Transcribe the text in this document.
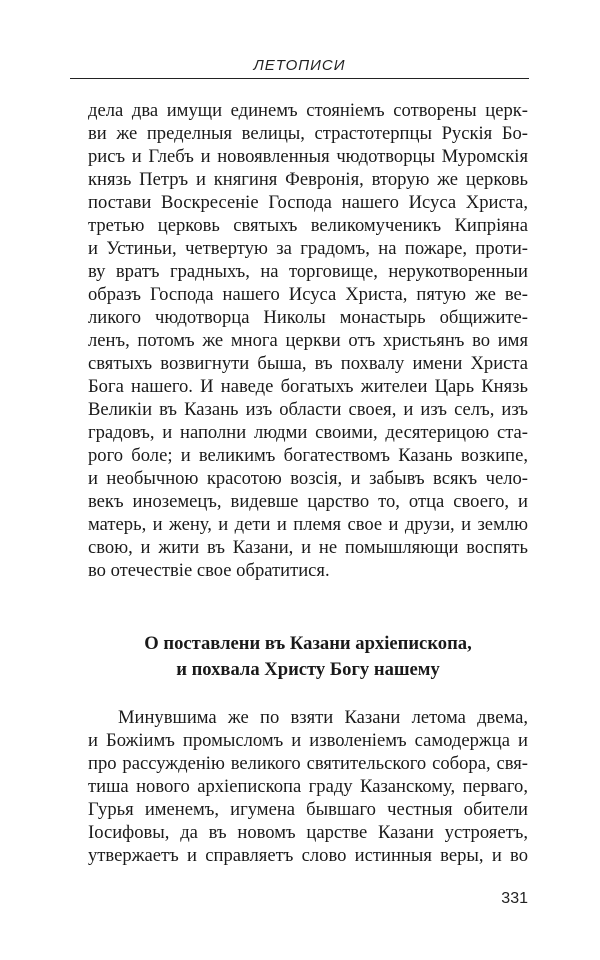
ЛЕТОПИСИ
дела два имущи единемъ стояніемъ сотворены церк-
ви же пределныя велицы, страстотерпцы Рускія Бо-
рисъ и Глебъ и новоявленныя чюдотворцы Муромскія
князь Петръ и княгиня Февронія, вторую же церковь
постави Воскресеніе Господа нашего Исуса Христа,
третью церковь святыхъ великомученикъ Кипріяна
и Устиньи, четвертую за градомъ, на пожаре, проти-
ву вратъ градныхъ, на торговище, нерукотворенныи
образъ Господа нашего Исуса Христа, пятую же ве-
ликого чюдотворца Николы монастырь общижите-
ленъ, потомъ же многа церкви отъ христьянъ во имя
святыхъ возвигнути быша, въ похвалу имени Христа
Бога нашего. И наведе богатыхъ жителеи Царь Князь
Великіи въ Казань изъ области своея, и изъ селъ, изъ
градовъ, и наполни людми своими, десятерицою ста-
рого боле; и великимъ богатествомъ Казань возкипе,
и необычною красотою возсія, и забывъ всякъ чело-
векъ иноземецъ, видевше царство то, отца своего, и
матерь, и жену, и дети и племя свое и друзи, и землю
свою, и жити въ Казани, и не помышляющи воспять
во отечествіе свое обратитися.
О поставлени въ Казани архіепископа,
и похвала Христу Богу нашему
Минувшима же по взяти Казани летома двема,
и Божіимъ промысломъ и изволеніемъ самодержца и
про рассужденію великого святительского собора, свя-
тиша нового архіепископа граду Казанскому, перваго,
Гурья именемъ, игумена бывшаго честныя обители
Іосифовы, да въ новомъ царстве Казани устрояетъ,
утвержаетъ и справляетъ слово истинныя веры, и во
331
